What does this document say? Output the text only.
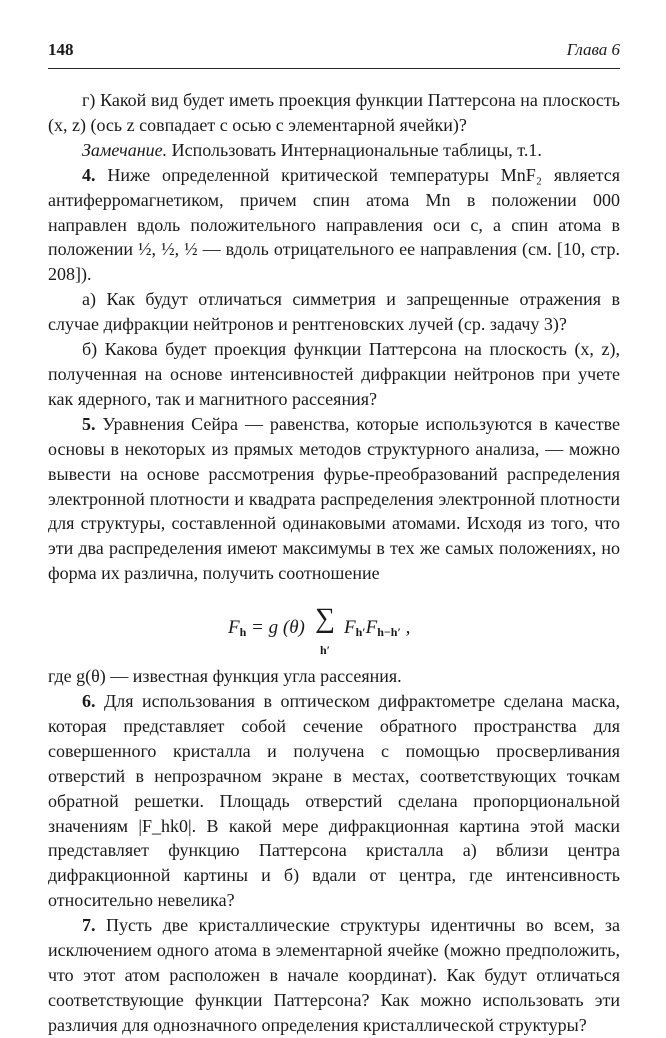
148	Глава 6

г) Какой вид будет иметь проекция функции Паттерсона на плоскость (x, z) (ось z совпадает с осью c элементарной ячейки)?

Замечание. Использовать Интернациональные таблицы, т.1.

4. Ниже определенной критической температуры MnF₂ является антиферромагнетиком, причем спин атома Mn в положении 000 направлен вдоль положительного направления оси c, а спин атома в положении ½, ½, ½ — вдоль отрицательного ее направления (см. [10, стр. 208]).

а) Как будут отличаться симметрия и запрещенные отражения в случае дифракции нейтронов и рентгеновских лучей (ср. задачу 3)?

б) Какова будет проекция функции Паттерсона на плоскость (x, z), полученная на основе интенсивностей дифракции нейтронов при учете как ядерного, так и магнитного рассеяния?

5. Уравнения Сейра — равенства, которые используются в качестве основы в некоторых из прямых методов структурного анализа, — можно вывести на основе рассмотрения фурье-преобразований распределения электронной плотности и квадрата распределения электронной плотности для структуры, составленной одинаковыми атомами. Исходя из того, что эти два распределения имеют максимумы в тех же самых положениях, но форма их различна, получить соотношение

Fh = g (θ) ∑
h′
Fh′Fh−h′ ,

где g(θ) — известная функция угла рассеяния.

6. Для использования в оптическом дифрактометре сделана маска, которая представляет собой сечение обратного пространства для совершенного кристалла и получена с помощью просверливания отверстий в непрозрачном экране в местах, соответствующих точкам обратной решетки. Площадь отверстий сделана пропорциональной значениям |F_hk0|. В какой мере дифракционная картина этой маски представляет функцию Паттерсона кристалла а) вблизи центра дифракционной картины и б) вдали от центра, где интенсивность относительно невелика?

7. Пусть две кристаллические структуры идентичны во всем, за исключением одного атома в элементарной ячейке (можно предположить, что этот атом расположен в начале координат). Как будут отличаться соответствующие функции Паттерсона? Как можно использовать эти различия для однозначного определения кристаллической структуры?
